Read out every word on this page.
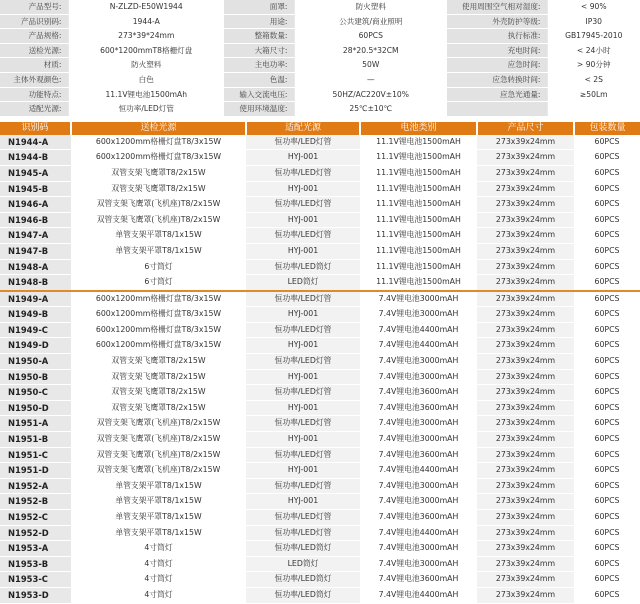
产品型号:	N-ZLZD-E50W1944	面罩:	防火塑料	使用周围空气相对湿度:	< 90%
产品识别码:	1944-A	用途:	公共建筑/商业照明	外壳防护等级:	IP30
产品规格:	273*39*24mm	整箱数量:	60PCS	执行标准:	GB17945-2010
送检光源:	600*1200mmT8格栅灯盘	大箱尺寸:	28*20.5*32CM	充电时间:	< 24小时
材质:	防火塑料	主电功率:	50W	应急时间:	> 90分钟
主体外观颜色:	白色	色温:	—	应急转换时间:	< 2S
功能特点:	11.1V锂电池1500mAh	输入交流电压:	50HZ/AC220V±10%	应急光通量:	≥50Lm
适配光源:	恒功率/LED灯管	使用环境温度:	25℃±10℃		
识别码	送检光源	适配光源	电池类别	产品尺寸	包装数量
N1944-A	600x1200mm格栅灯盘T8/3x15W	恒功率/LED灯管	11.1V锂电池1500mAH	273x39x24mm	60PCS
N1944-B	600x1200mm格栅灯盘T8/3x15W	HYJ-001	11.1V锂电池1500mAH	273x39x24mm	60PCS
N1945-A	双管支架飞鹰罩T8/2x15W	恒功率/LED灯管	11.1V锂电池1500mAH	273x39x24mm	60PCS
N1945-B	双管支架飞鹰罩T8/2x15W	HYJ-001	11.1V锂电池1500mAH	273x39x24mm	60PCS
N1946-A	双管支架飞鹰罩(飞机座)T8/2x15W	恒功率/LED灯管	11.1V锂电池1500mAH	273x39x24mm	60PCS
N1946-B	双管支架飞鹰罩(飞机座)T8/2x15W	HYJ-001	11.1V锂电池1500mAH	273x39x24mm	60PCS
N1947-A	单管支架平罩T8/1x15W	恒功率/LED灯管	11.1V锂电池1500mAH	273x39x24mm	60PCS
N1947-B	单管支架平罩T8/1x15W	HYJ-001	11.1V锂电池1500mAH	273x39x24mm	60PCS
N1948-A	6寸筒灯	恒功率/LED筒灯	11.1V锂电池1500mAH	273x39x24mm	60PCS
N1948-B	6寸筒灯	LED筒灯	11.1V锂电池1500mAH	273x39x24mm	60PCS
N1949-A	600x1200mm格栅灯盘T8/3x15W	恒功率/LED灯管	7.4V锂电池3000mAH	273x39x24mm	60PCS
N1949-B	600x1200mm格栅灯盘T8/3x15W	HYJ-001	7.4V锂电池3000mAH	273x39x24mm	60PCS
N1949-C	600x1200mm格栅灯盘T8/3x15W	恒功率/LED灯管	7.4V锂电池4400mAH	273x39x24mm	60PCS
N1949-D	600x1200mm格栅灯盘T8/3x15W	HYJ-001	7.4V锂电池4400mAH	273x39x24mm	60PCS
N1950-A	双管支架飞鹰罩T8/2x15W	恒功率/LED灯管	7.4V锂电池3000mAH	273x39x24mm	60PCS
N1950-B	双管支架飞鹰罩T8/2x15W	HYJ-001	7.4V锂电池3000mAH	273x39x24mm	60PCS
N1950-C	双管支架飞鹰罩T8/2x15W	恒功率/LED灯管	7.4V锂电池3600mAH	273x39x24mm	60PCS
N1950-D	双管支架飞鹰罩T8/2x15W	HYJ-001	7.4V锂电池3600mAH	273x39x24mm	60PCS
N1951-A	双管支架飞鹰罩(飞机座)T8/2x15W	恒功率/LED灯管	7.4V锂电池3000mAH	273x39x24mm	60PCS
N1951-B	双管支架飞鹰罩(飞机座)T8/2x15W	HYJ-001	7.4V锂电池3000mAH	273x39x24mm	60PCS
N1951-C	双管支架飞鹰罩(飞机座)T8/2x15W	恒功率/LED灯管	7.4V锂电池3600mAH	273x39x24mm	60PCS
N1951-D	双管支架飞鹰罩(飞机座)T8/2x15W	HYJ-001	7.4V锂电池4400mAH	273x39x24mm	60PCS
N1952-A	单管支架平罩T8/1x15W	恒功率/LED灯管	7.4V锂电池3000mAH	273x39x24mm	60PCS
N1952-B	单管支架平罩T8/1x15W	HYJ-001	7.4V锂电池3000mAH	273x39x24mm	60PCS
N1952-C	单管支架平罩T8/1x15W	恒功率/LED灯管	7.4V锂电池3600mAH	273x39x24mm	60PCS
N1952-D	单管支架平罩T8/1x15W	恒功率/LED灯管	7.4V锂电池4400mAH	273x39x24mm	60PCS
N1953-A	4寸筒灯	恒功率/LED筒灯	7.4V锂电池3000mAH	273x39x24mm	60PCS
N1953-B	4寸筒灯	LED筒灯	7.4V锂电池3000mAH	273x39x24mm	60PCS
N1953-C	4寸筒灯	恒功率/LED筒灯	7.4V锂电池3600mAH	273x39x24mm	60PCS
N1953-D	4寸筒灯	恒功率/LED筒灯	7.4V锂电池4400mAH	273x39x24mm	60PCS
